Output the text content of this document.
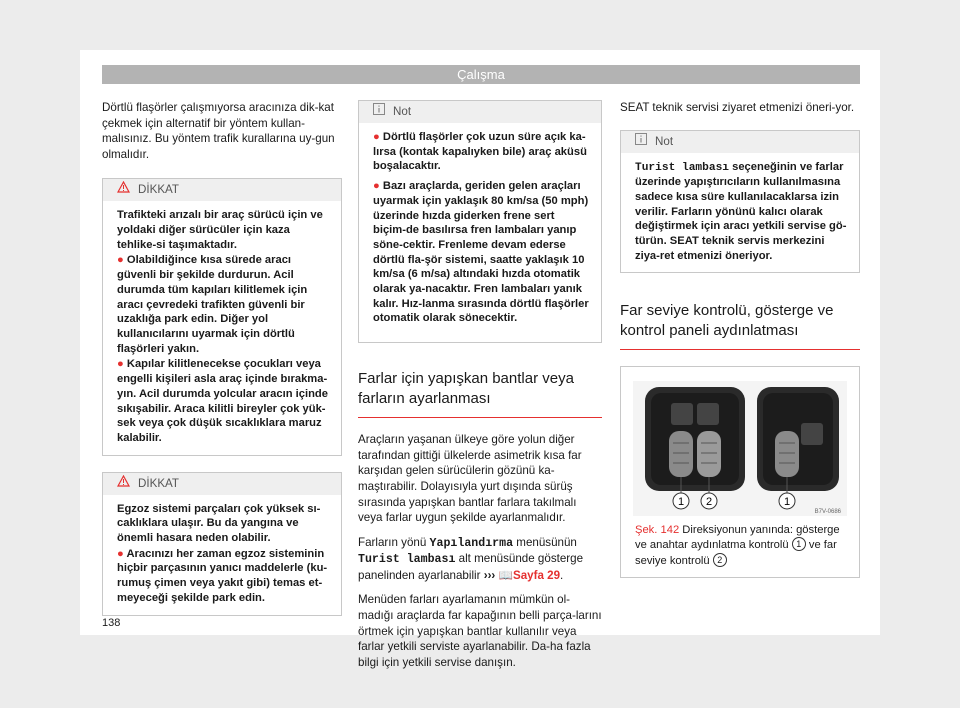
Çalışma

Dörtlü flaşörler çalışmıyorsa aracınıza dik-kat çekmek için alternatif bir yöntem kullan-malısınız. Bu yöntem trafik kurallarına uy-gun olmalıdır.

DİKKAT
Trafikteki arızalı bir araç sürücü için ve yoldaki diğer sürücüler için kaza tehlike-si taşımaktadır.
● Olabildiğince kısa sürede aracı güvenli bir şekilde durdurun. Acil durumda tüm kapıları kilitlemek için aracı çevredeki trafikten güvenli bir uzaklığa park edin. Diğer yol kullanıcılarını uyarmak için dörtlü flaşörleri yakın.
● Kapılar kilitlenecekse çocukları veya engelli kişileri asla araç içinde bırakma-yın. Acil durumda yolcular aracın içinde sıkışabilir. Araca kilitli bireyler çok yük-sek veya çok düşük sıcaklıklara maruz kalabilir.
DİKKAT
Egzoz sistemi parçaları çok yüksek sı-caklıklara ulaşır. Bu da yangına ve önemli hasara neden olabilir.
● Aracınızı her zaman egzoz sisteminin hiçbir parçasının yanıcı maddelerle (ku-rumuş çimen veya yakıt gibi) temas et-meyeceği şekilde park edin.
Not
● Dörtlü flaşörler çok uzun süre açık ka-lırsa (kontak kapalıyken bile) araç aküsü boşalacaktır.
● Bazı araçlarda, geriden gelen araçları uyarmak için yaklaşık 80 km/sa (50 mph) üzerinde hızda giderken frene sert biçim-de basılırsa fren lambaları yanıp söne-cektir. Frenleme devam ederse dörtlü fla-şör sistemi, saatte yaklaşık 10 km/sa (6 m/sa) altındaki hızda otomatik olarak ya-nacaktır. Fren lambaları yanık kalır. Hız-lanma sırasında dörtlü flaşörler otomatik olarak sönecektir.
Farlar için yapışkan bantlar veya farların ayarlanması

Araçların yaşanan ülkeye göre yolun diğer tarafından gittiği ülkelerde asimetrik kısa far karşıdan gelen sürücülerin gözünü ka-maştırabilir. Dolayısıyla yurt dışında sürüş sırasında yapışkan bantlar farlara takılmalı veya farlar uygun şekilde ayarlanmalıdır.

Farların yönü Yapılandırma menüsünün Turist lambası alt menüsünde gösterge panelinden ayarlanabilir ››› 📖Sayfa 29.

Menüden farları ayarlamanın mümkün ol-madığı araçlarda far kapağının belli parça-larını örtmek için yapışkan bantlar kullanılır veya farlar yetkili serviste ayarlanabilir. Da-ha fazla bilgi için yetkili servise danışın.

SEAT teknik servisi ziyaret etmenizi öneri-yor.

Not
Turist lambası seçeneğinin ve farlar üzerinde yapıştırıcıların kullanılmasına sadece kısa süre kullanılacaklarsa izin verilir. Farların yönünü kalıcı olarak değiştirmek için aracı yetkili servise gö-türün. SEAT teknik servis merkezini ziya-ret etmenizi öneriyor.
Far seviye kontrolü, gösterge ve kontrol paneli aydınlatması
1 2	1
B7V-0686
Şek. 142 Direksiyonun yanında: gösterge ve anahtar aydınlatma kontrolü 1 ve far seviye kontrolü 2
138
